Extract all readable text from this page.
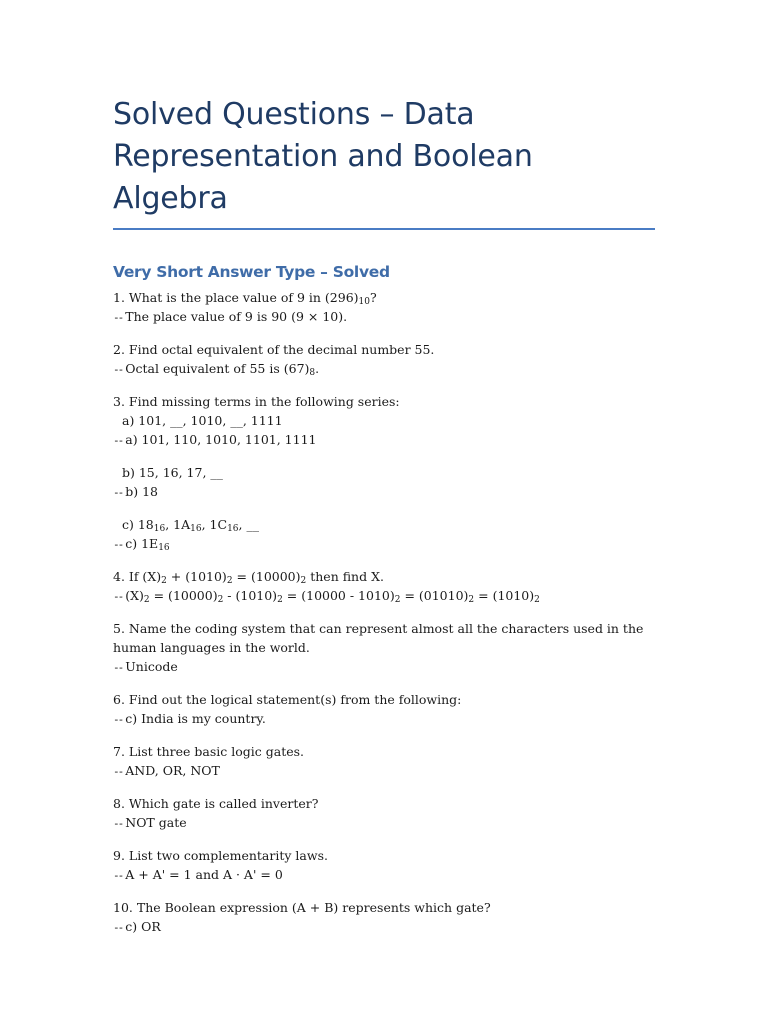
Solved Questions – Data Representation and Boolean Algebra
Very Short Answer Type – Solved
1. What is the place value of 9 in $(296)_{10}$?
-- The place value of 9 is 90 (9 × 10).
2. Find octal equivalent of the decimal number 55.
-- Octal equivalent of 55 is $(67)_8$.
3. Find missing terms in the following series:
a) 101, __, 1010, __, 1111
-- a) 101, 110, 1010, 1101, 1111
b) 15, 16, 17, __
-- b) 18
c) $18_{16}$, $1A_{16}$, $1C_{16}$, __
-- c) $1E_{16}$
4. If $(X)_2 + (1010)_2 = (10000)_2$ then find X.
-- $(X)_2 = (10000)_2 - (1010)_2 = (10000 - 1010)_2 = (01010)_2 = (1010)_2$
5. Name the coding system that can represent almost all the characters used in the human languages in the world.
-- Unicode
6. Find out the logical statement(s) from the following:
-- c) India is my country.
7. List three basic logic gates.
-- AND, OR, NOT
8. Which gate is called inverter?
-- NOT gate
9. List two complementarity laws.
-- A + A' = 1 and A · A' = 0
10. The Boolean expression (A + B) represents which gate?
-- c) OR
